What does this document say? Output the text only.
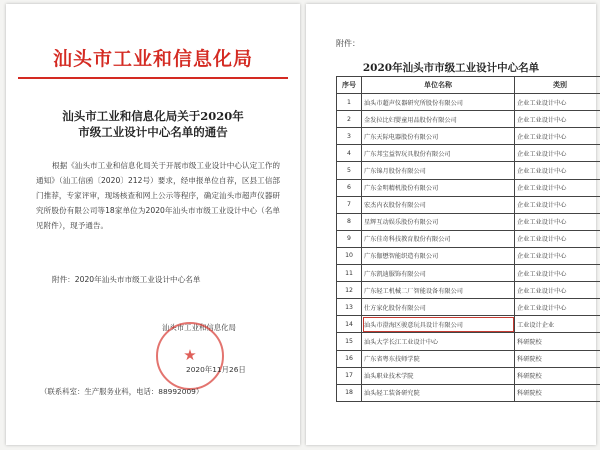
汕头市工业和信息化局
汕头市工业和信息化局关于2020年
市级工业设计中心名单的通告
根据《汕头市工业和信息化局关于开展市级工业设计中心认定工作的通知》（汕工信函〔2020〕212号）要求，经申报单位自荐，区县工信部门推荐，专家评审，现场核查和网上公示等程序，确定汕头市超声仪器研究所股份有限公司等18家单位为2020年汕头市市级工业设计中心（名单见附件），现予通告。
附件：2020年汕头市市级工业设计中心名单
汕头市工业和信息化局
★
2020年11月26日
（联系科室：生产服务业科，电话：88992009）
附件：
2020年汕头市市级工业设计中心名单
序号	单位名称	类别
1	汕头市超声仪器研究所股份有限公司	企业工业设计中心
2	金发拉比妇婴童用品股份有限公司	企业工业设计中心
3	广东天际电器股份有限公司	企业工业设计中心
4	广东邦宝益智玩具股份有限公司	企业工业设计中心
5	广东锦月股份有限公司	企业工业设计中心
6	广东金明精机股份有限公司	企业工业设计中心
7	宏杰内衣股份有限公司	企业工业设计中心
8	星辉互动娱乐股份有限公司	企业工业设计中心
9	广东佳奇科技教育股份有限公司	企业工业设计中心
10	广东伽懋智能织造有限公司	企业工业设计中心
11	广东凯迪服饰有限公司	企业工业设计中心
12	广东轻工机械二厂智能设备有限公司	企业工业设计中心
13	仕方家化股份有限公司	企业工业设计中心
14	汕头市澄海区骏意玩具设计有限公司	工业设计企业
15	汕头大学长江工业设计中心	科研院校
16	广东省粤东技师学院	科研院校
17	汕头职业技术学院	科研院校
18	汕头轻工装备研究院	科研院校
